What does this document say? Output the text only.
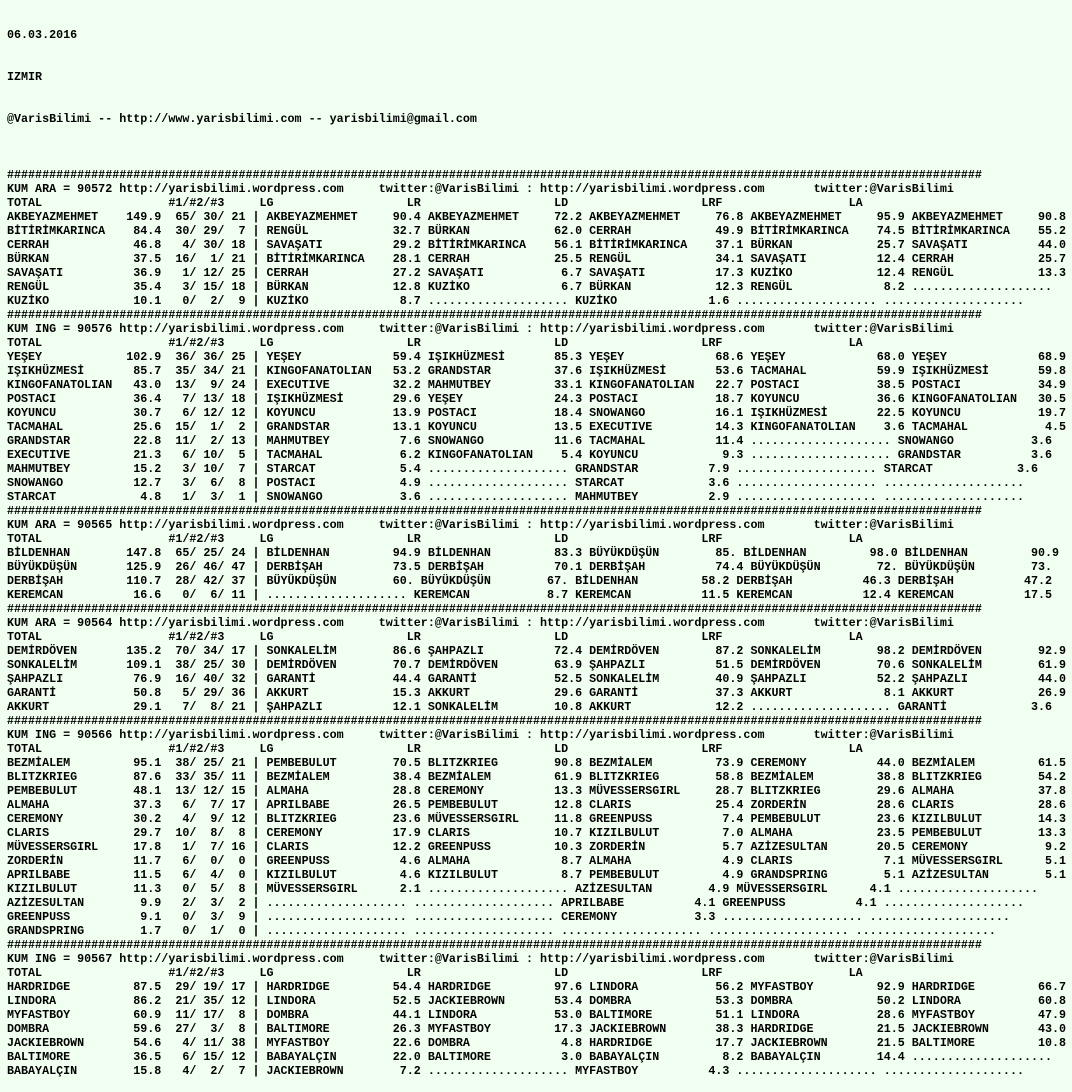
06.03.2016

IZMIR

@VarisBilimi -- http://www.yarisbilimi.com -- yarisbilimi@gmail.com

###########################################################################################################################################
KUM ARA = 90572 http://yarisbilimi.wordpress.com     twitter:@VarisBilimi : http://yarisbilimi.wordpress.com       twitter:@VarisBilimi
TOTAL                  #1/#2/#3     LG                   LR                   LD                   LRF                  LA
AKBEYAZMEHMET    149.9  65/ 30/ 21 | AKBEYAZMEHMET     90.4 AKBEYAZMEHMET     72.2 AKBEYAZMEHMET     76.8 AKBEYAZMEHMET     95.9 AKBEYAZMEHMET     90.8
BİTİRİMKARINCA    84.4  30/ 29/  7 | RENGÜL            32.7 BÜRKAN            62.0 CERRAH            49.9 BİTİRİMKARINCA    74.5 BİTİRİMKARINCA    55.2
CERRAH            46.8   4/ 30/ 18 | SAVAŞATI          29.2 BİTİRİMKARINCA    56.1 BİTİRİMKARINCA    37.1 BÜRKAN            25.7 SAVAŞATI          44.0
BÜRKAN            37.5  16/  1/ 21 | BİTİRİMKARINCA    28.1 CERRAH            25.5 RENGÜL            34.1 SAVAŞATI          12.4 CERRAH            25.7
SAVAŞATI          36.9   1/ 12/ 25 | CERRAH            27.2 SAVAŞATI           6.7 SAVAŞATI          17.3 KUZİKO            12.4 RENGÜL            13.3
RENGÜL            35.4   3/ 15/ 18 | BÜRKAN            12.8 KUZİKO             6.7 BÜRKAN            12.3 RENGÜL             8.2 ....................
KUZİKO            10.1   0/  2/  9 | KUZİKO             8.7 .................... KUZİKO             1.6 .................... ....................
###########################################################################################################################################
KUM ING = 90576 http://yarisbilimi.wordpress.com     twitter:@VarisBilimi : http://yarisbilimi.wordpress.com       twitter:@VarisBilimi
TOTAL                  #1/#2/#3     LG                   LR                   LD                   LRF                  LA
YEŞEY            102.9  36/ 36/ 25 | YEŞEY             59.4 IŞIKHÜZMESİ       85.3 YEŞEY             68.6 YEŞEY             68.0 YEŞEY             68.9
IŞIKHÜZMESİ       85.7  35/ 34/ 21 | KINGOFANATOLIAN   53.2 GRANDSTAR         37.6 IŞIKHÜZMESİ       53.6 TACMAHAL          59.9 IŞIKHÜZMESİ       59.8
KINGOFANATOLIAN   43.0  13/  9/ 24 | EXECUTIVE         32.2 MAHMUTBEY         33.1 KINGOFANATOLIAN   22.7 POSTACI           38.5 POSTACI           34.9
POSTACI           36.4   7/ 13/ 18 | IŞIKHÜZMESİ       29.6 YEŞEY             24.3 POSTACI           18.7 KOYUNCU           36.6 KINGOFANATOLIAN   30.5
KOYUNCU           30.7   6/ 12/ 12 | KOYUNCU           13.9 POSTACI           18.4 SNOWANGO          16.1 IŞIKHÜZMESİ       22.5 KOYUNCU           19.7
TACMAHAL          25.6  15/  1/  2 | GRANDSTAR         13.1 KOYUNCU           13.5 EXECUTIVE         14.3 KINGOFANATOLIAN    3.6 TACMAHAL           4.5
GRANDSTAR         22.8  11/  2/ 13 | MAHMUTBEY          7.6 SNOWANGO          11.6 TACMAHAL          11.4 .................... SNOWANGO           3.6
EXECUTIVE         21.3   6/ 10/  5 | TACMAHAL           6.2 KINGOFANATOLIAN    5.4 KOYUNCU            9.3 .................... GRANDSTAR          3.6
MAHMUTBEY         15.2   3/ 10/  7 | STARCAT            5.4 .................... GRANDSTAR          7.9 .................... STARCAT            3.6
SNOWANGO          12.7   3/  6/  8 | POSTACI            4.9 .................... STARCAT            3.6 .................... ....................
STARCAT            4.8   1/  3/  1 | SNOWANGO           3.6 .................... MAHMUTBEY          2.9 .................... ....................
###########################################################################################################################################
KUM ARA = 90565 http://yarisbilimi.wordpress.com     twitter:@VarisBilimi : http://yarisbilimi.wordpress.com       twitter:@VarisBilimi
TOTAL                  #1/#2/#3     LG                   LR                   LD                   LRF                  LA
BİLDENHAN        147.8  65/ 25/ 24 | BİLDENHAN         94.9 BİLDENHAN         83.3 BÜYÜKDÜŞÜN        85. BİLDENHAN         98.0 BİLDENHAN         90.9
BÜYÜKDÜŞÜN       125.9  26/ 46/ 47 | DERBİŞAH          73.5 DERBİŞAH          70.1 DERBİŞAH          74.4 BÜYÜKDÜŞÜN        72. BÜYÜKDÜŞÜN        73.
DERBİŞAH         110.7  28/ 42/ 37 | BÜYÜKDÜŞÜN        60. BÜYÜKDÜŞÜN        67. BİLDENHAN         58.2 DERBİŞAH          46.3 DERBİŞAH          47.2
KEREMCAN          16.6   0/  6/ 11 | .................... KEREMCAN           8.7 KEREMCAN          11.5 KEREMCAN          12.4 KEREMCAN          17.5
###########################################################################################################################################
KUM ARA = 90564 http://yarisbilimi.wordpress.com     twitter:@VarisBilimi : http://yarisbilimi.wordpress.com       twitter:@VarisBilimi
TOTAL                  #1/#2/#3     LG                   LR                   LD                   LRF                  LA
DEMİRDÖVEN       135.2  70/ 34/ 17 | SONKALELİM        86.6 ŞAHPAZLI          72.4 DEMİRDÖVEN        87.2 SONKALELİM        98.2 DEMİRDÖVEN        92.9
SONKALELİM       109.1  38/ 25/ 30 | DEMİRDÖVEN        70.7 DEMİRDÖVEN        63.9 ŞAHPAZLI          51.5 DEMİRDÖVEN        70.6 SONKALELİM        61.9
ŞAHPAZLI          76.9  16/ 40/ 32 | GARANTİ           44.4 GARANTİ           52.5 SONKALELİM        40.9 ŞAHPAZLI          52.2 ŞAHPAZLI          44.0
GARANTİ           50.8   5/ 29/ 36 | AKKURT            15.3 AKKURT            29.6 GARANTİ           37.3 AKKURT             8.1 AKKURT            26.9
AKKURT            29.1   7/  8/ 21 | ŞAHPAZLI          12.1 SONKALELİM        10.8 AKKURT            12.2 .................... GARANTİ            3.6
###########################################################################################################################################
KUM ING = 90566 http://yarisbilimi.wordpress.com     twitter:@VarisBilimi : http://yarisbilimi.wordpress.com       twitter:@VarisBilimi
TOTAL                  #1/#2/#3     LG                   LR                   LD                   LRF                  LA
BEZMİALEM         95.1  38/ 25/ 21 | PEMBEBULUT        70.5 BLITZKRIEG        90.8 BEZMİALEM         73.9 CEREMONY          44.0 BEZMİALEM         61.5
BLITZKRIEG        87.6  33/ 35/ 11 | BEZMİALEM         38.4 BEZMİALEM         61.9 BLITZKRIEG        58.8 BEZMİALEM         38.8 BLITZKRIEG        54.2
PEMBEBULUT        48.1  13/ 12/ 15 | ALMAHA            28.8 CEREMONY          13.3 MÜVESSERSGIRL     28.7 BLITZKRIEG        29.6 ALMAHA            37.8
ALMAHA            37.3   6/  7/ 17 | APRILBABE         26.5 PEMBEBULUT        12.8 CLARIS            25.4 ZORDERİN          28.6 CLARIS            28.6
CEREMONY          30.2   4/  9/ 12 | BLITZKRIEG        23.6 MÜVESSERSGIRL     11.8 GREENPUSS          7.4 PEMBEBULUT        23.6 KIZILBULUT        14.3
CLARIS            29.7  10/  8/  8 | CEREMONY          17.9 CLARIS            10.7 KIZILBULUT         7.0 ALMAHA            23.5 PEMBEBULUT        13.3
MÜVESSERSGIRL     17.8   1/  7/ 16 | CLARIS            12.2 GREENPUSS         10.3 ZORDERİN           5.7 AZİZESULTAN       20.5 CEREMONY           9.2
ZORDERİN          11.7   6/  0/  0 | GREENPUSS          4.6 ALMAHA             8.7 ALMAHA             4.9 CLARIS             7.1 MÜVESSERSGIRL      5.1
APRILBABE         11.5   6/  4/  0 | KIZILBULUT         4.6 KIZILBULUT         8.7 PEMBEBULUT         4.9 GRANDSPRING        5.1 AZİZESULTAN        5.1
KIZILBULUT        11.3   0/  5/  8 | MÜVESSERSGIRL      2.1 .................... AZİZESULTAN        4.9 MÜVESSERSGIRL      4.1 ....................
AZİZESULTAN        9.9   2/  3/  2 | .................... .................... APRILBABE          4.1 GREENPUSS          4.1 ....................
GREENPUSS          9.1   0/  3/  9 | .................... .................... CEREMONY           3.3 .................... ....................
GRANDSPRING        1.7   0/  1/  0 | .................... .................... .................... .................... ....................
###########################################################################################################################################
KUM ING = 90567 http://yarisbilimi.wordpress.com     twitter:@VarisBilimi : http://yarisbilimi.wordpress.com       twitter:@VarisBilimi
TOTAL                  #1/#2/#3     LG                   LR                   LD                   LRF                  LA
HARDRIDGE         87.5  29/ 19/ 17 | HARDRIDGE         54.4 HARDRIDGE         97.6 LINDORA           56.2 MYFASTBOY         92.9 HARDRIDGE         66.7
LINDORA           86.2  21/ 35/ 12 | LINDORA           52.5 JACKIEBROWN       53.4 DOMBRA            53.3 DOMBRA            50.2 LINDORA           60.8
MYFASTBOY         60.9  11/ 17/  8 | DOMBRA            44.1 LINDORA           53.0 BALTIMORE         51.1 LINDORA           28.6 MYFASTBOY         47.9
DOMBRA            59.6  27/  3/  8 | BALTIMORE         26.3 MYFASTBOY         17.3 JACKIEBROWN       38.3 HARDRIDGE         21.5 JACKIEBROWN       43.0
JACKIEBROWN       54.6   4/ 11/ 38 | MYFASTBOY         22.6 DOMBRA             4.8 HARDRIDGE         17.7 JACKIEBROWN       21.5 BALTIMORE         10.8
BALTIMORE         36.5   6/ 15/ 12 | BABAYALÇIN        22.0 BALTIMORE          3.0 BABAYALÇIN         8.2 BABAYALÇIN        14.4 ....................
BABAYALÇIN        15.8   4/  2/  7 | JACKIEBROWN        7.2 .................... MYFASTBOY          4.3 .................... ....................
